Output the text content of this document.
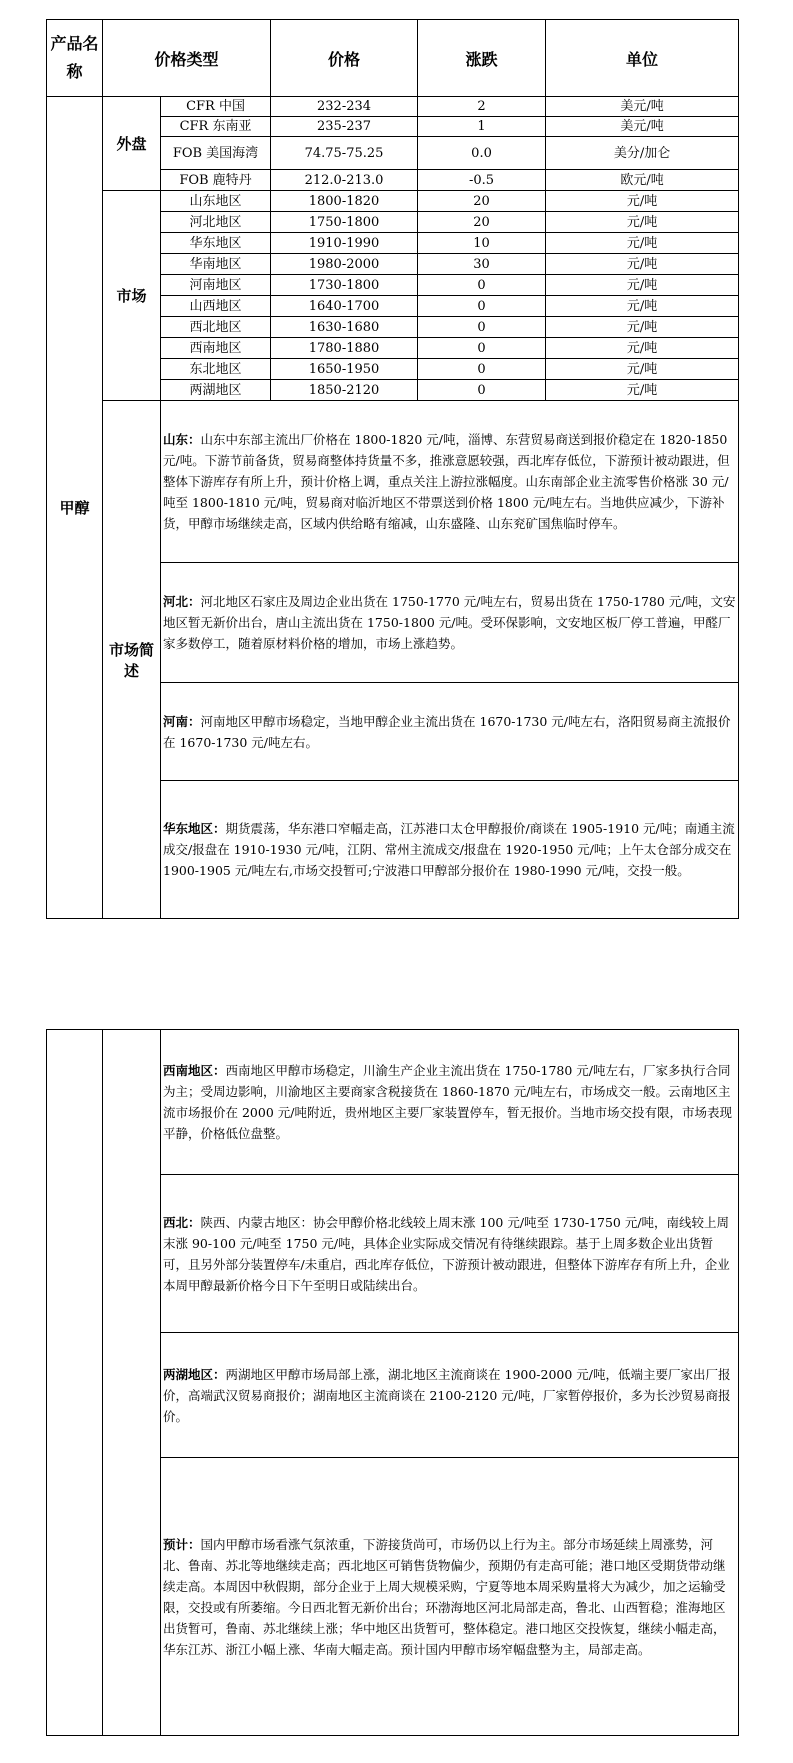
产品名称	价格类型		价格	涨跌	单位
甲醇	外盘	CFR 中国	232-234	2	美元/吨
		CFR 东南亚	235-237	1	美元/吨
		FOB 美国海湾	74.75-75.25	0.0	美分/加仑
		FOB 鹿特丹	212.0-213.0	-0.5	欧元/吨
	市场	山东地区	1800-1820	20	元/吨
		河北地区	1750-1800	20	元/吨
		华东地区	1910-1990	10	元/吨
		华南地区	1980-2000	30	元/吨
		河南地区	1730-1800	0	元/吨
		山西地区	1640-1700	0	元/吨
		西北地区	1630-1680	0	元/吨
		西南地区	1780-1880	0	元/吨
		东北地区	1650-1950	0	元/吨
		两湖地区	1850-2120	0	元/吨
	市场简述	山东：山东中东部主流出厂价格在 1800-1820 元/吨，淄博、东营贸易商送到报价稳定在 1820-1850 元/吨。下游节前备货，贸易商整体持货量不多，推涨意愿较强，西北库存低位，下游预计被动跟进，但整体下游库存有所上升，预计价格上调，重点关注上游拉涨幅度。山东南部企业主流零售价格涨 30 元/吨至 1800-1810 元/吨，贸易商对临沂地区不带票送到价格 1800 元/吨左右。当地供应减少，下游补货，甲醇市场继续走高，区域内供给略有缩减，山东盛隆、山东兖矿国焦临时停车。			
		河北：河北地区石家庄及周边企业出货在 1750-1770 元/吨左右，贸易出货在 1750-1780 元/吨，文安地区暂无新价出台，唐山主流出货在 1750-1800 元/吨。受环保影响，文安地区板厂停工普遍，甲醛厂家多数停工，随着原材料价格的增加，市场上涨趋势。			
		河南：河南地区甲醇市场稳定，当地甲醇企业主流出货在 1670-1730 元/吨左右，洛阳贸易商主流报价在 1670-1730 元/吨左右。			
		华东地区：期货震荡，华东港口窄幅走高，江苏港口太仓甲醇报价/商谈在 1905-1910 元/吨；南通主流成交/报盘在 1910-1930 元/吨，江阴、常州主流成交/报盘在 1920-1950 元/吨；上午太仓部分成交在 1900-1905 元/吨左右,市场交投暂可;宁波港口甲醇部分报价在 1980-1990 元/吨，交投一般。			
		西南地区：西南地区甲醇市场稳定，川渝生产企业主流出货在 1750-1780 元/吨左右，厂家多执行合同为主；受周边影响，川渝地区主要商家含税接货在 1860-1870 元/吨左右，市场成交一般。云南地区主流市场报价在 2000 元/吨附近，贵州地区主要厂家装置停车，暂无报价。当地市场交投有限，市场表现平静，价格低位盘整。
西北：陕西、内蒙古地区：协会甲醇价格北线较上周末涨 100 元/吨至 1730-1750 元/吨，南线较上周末涨 90-100 元/吨至 1750 元/吨，具体企业实际成交情况有待继续跟踪。基于上周多数企业出货暂可，且另外部分装置停车/未重启，西北库存低位，下游预计被动跟进，但整体下游库存有所上升，企业本周甲醇最新价格今日下午至明日或陆续出台。
两湖地区：两湖地区甲醇市场局部上涨，湖北地区主流商谈在 1900-2000 元/吨，低端主要厂家出厂报价，高端武汉贸易商报价；湖南地区主流商谈在 2100-2120 元/吨，厂家暂停报价，多为长沙贸易商报价。
预计：国内甲醇市场看涨气氛浓重，下游接货尚可，市场仍以上行为主。部分市场延续上周涨势，河北、鲁南、苏北等地继续走高；西北地区可销售货物偏少，预期仍有走高可能；港口地区受期货带动继续走高。本周因中秋假期，部分企业于上周大规模采购，宁夏等地本周采购量将大为减少，加之运输受限，交投或有所萎缩。今日西北暂无新价出台；环渤海地区河北局部走高，鲁北、山西暂稳；淮海地区出货暂可，鲁南、苏北继续上涨；华中地区出货暂可，整体稳定。港口地区交投恢复，继续小幅走高，华东江苏、浙江小幅上涨、华南大幅走高。预计国内甲醇市场窄幅盘整为主，局部走高。
